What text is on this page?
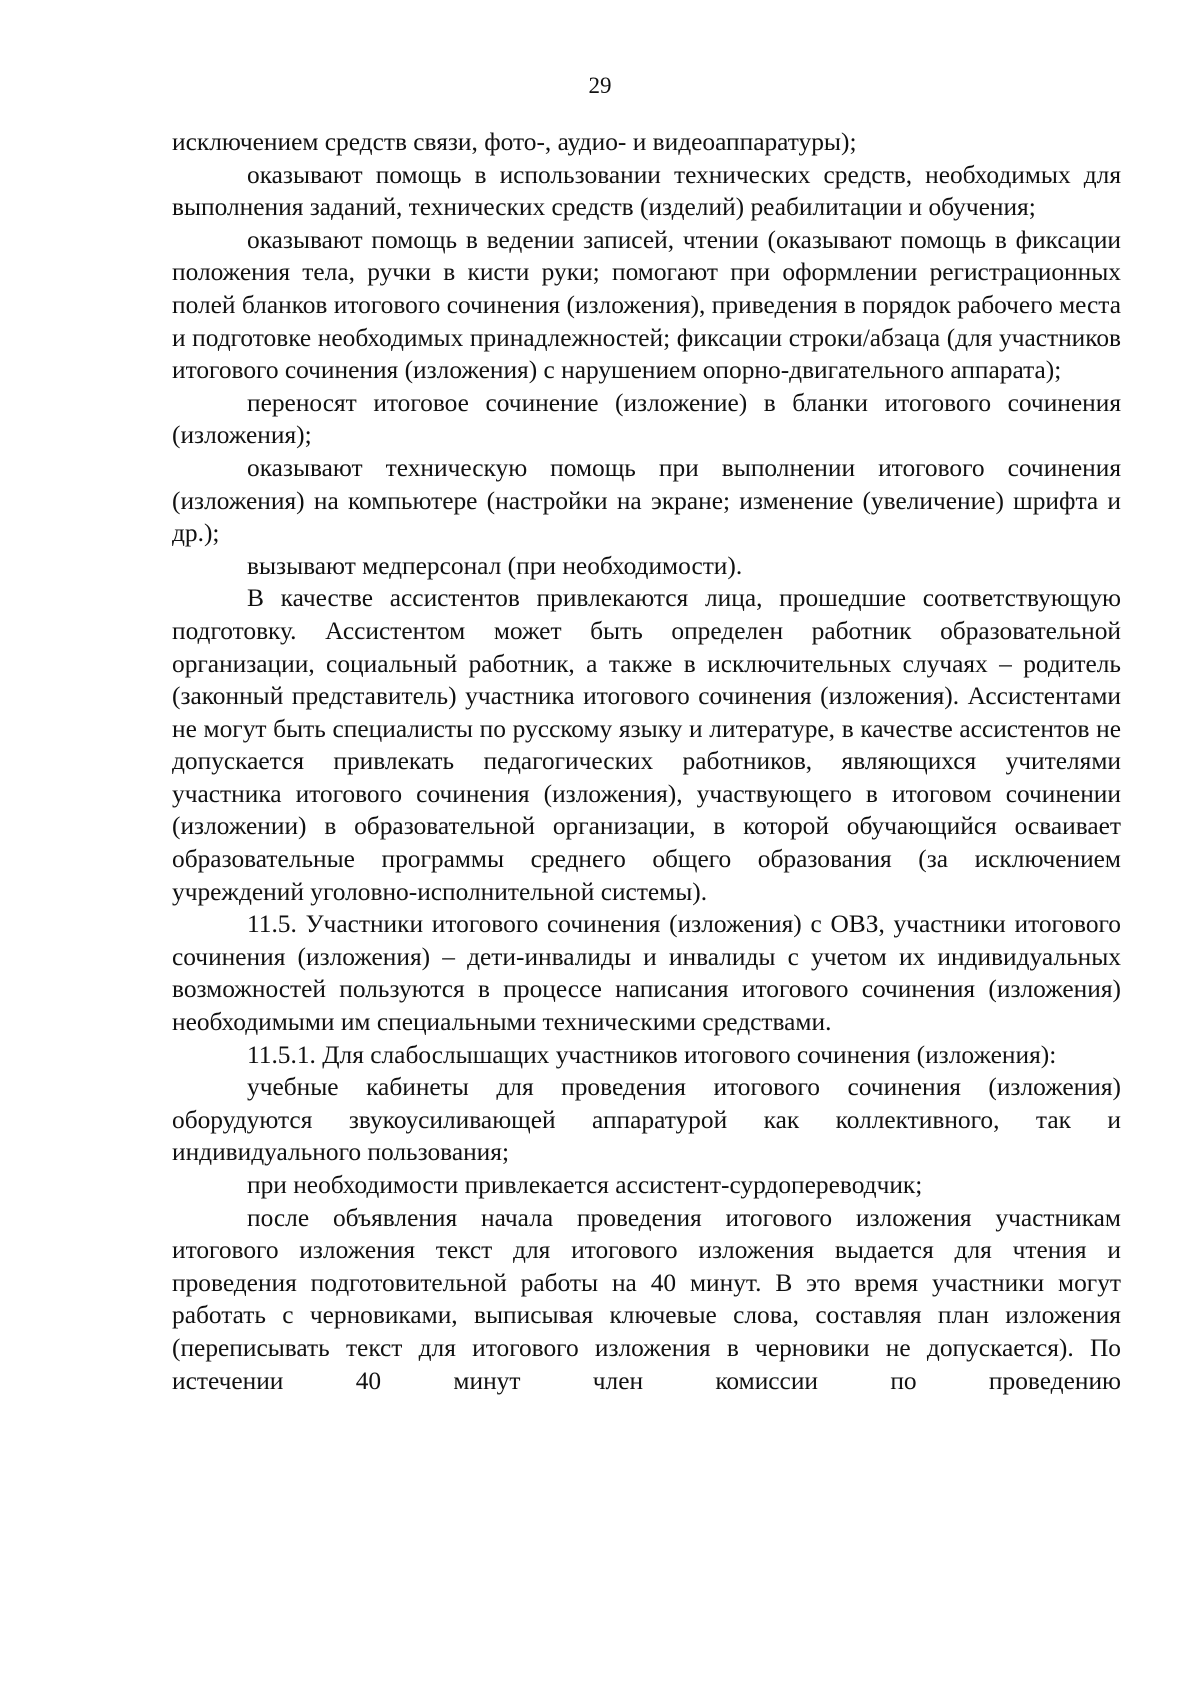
29

исключением средств связи, фото-, аудио- и видеоаппаратуры);

оказывают помощь в использовании технических средств, необходимых для выполнения заданий, технических средств (изделий) реабилитации и обучения;

оказывают помощь в ведении записей, чтении (оказывают помощь в фиксации положения тела, ручки в кисти руки; помогают при оформлении регистрационных полей бланков итогового сочинения (изложения), приведения в порядок рабочего места и подготовке необходимых принадлежностей; фиксации строки/абзаца (для участников итогового сочинения (изложения) с нарушением опорно-двигательного аппарата);

переносят итоговое сочинение (изложение) в бланки итогового сочинения (изложения);

оказывают техническую помощь при выполнении итогового сочинения (изложения) на компьютере (настройки на экране; изменение (увеличение) шрифта и др.);

вызывают медперсонал (при необходимости).

В качестве ассистентов привлекаются лица, прошедшие соответствующую подготовку. Ассистентом может быть определен работник образовательной организации, социальный работник, а также в исключительных случаях – родитель (законный представитель) участника итогового сочинения (изложения). Ассистентами не могут быть специалисты по русскому языку и литературе, в качестве ассистентов не допускается привлекать педагогических работников, являющихся учителями участника итогового сочинения (изложения), участвующего в итоговом сочинении (изложении) в образовательной организации, в которой обучающийся осваивает образовательные программы среднего общего образования (за исключением учреждений уголовно-исполнительной системы).

11.5. Участники итогового сочинения (изложения) с ОВЗ, участники итогового сочинения (изложения) – дети-инвалиды и инвалиды с учетом их индивидуальных возможностей пользуются в процессе написания итогового сочинения (изложения) необходимыми им специальными техническими средствами.

11.5.1. Для слабослышащих участников итогового сочинения (изложения):

учебные кабинеты для проведения итогового сочинения (изложения) оборудуются звукоусиливающей аппаратурой как коллективного, так и индивидуального пользования;

при необходимости привлекается ассистент-сурдопереводчик;

после объявления начала проведения итогового изложения участникам итогового изложения текст для итогового изложения выдается для чтения и проведения подготовительной работы на 40 минут. В это время участники могут работать с черновиками, выписывая ключевые слова, составляя план изложения (переписывать текст для итогового изложения в черновики не допускается). По истечении 40 минут член комиссии по проведению
